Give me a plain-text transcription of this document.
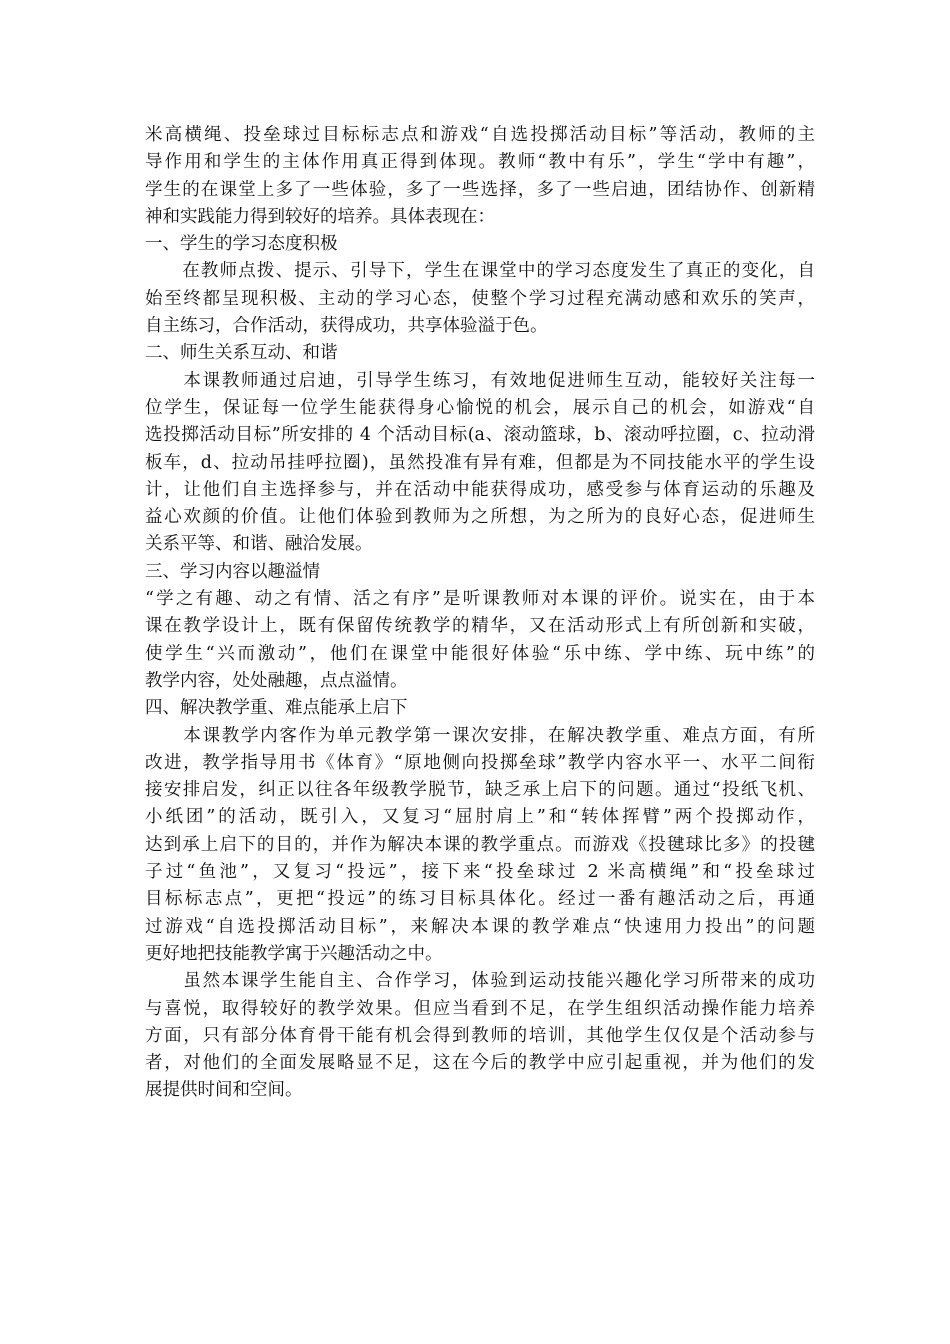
米高横绳、投垒球过目标标志点和游戏“自选投掷活动目标”等活动，教师的主
导作用和学生的主体作用真正得到体现。教师“教中有乐”，学生“学中有趣”，
学生的在课堂上多了一些体验，多了一些选择，多了一些启迪，团结协作、创新精
神和实践能力得到较好的培养。具体表现在：
一、学生的学习态度积极
　　在教师点拨、提示、引导下，学生在课堂中的学习态度发生了真正的变化，自
始至终都呈现积极、主动的学习心态，使整个学习过程充满动感和欢乐的笑声，
自主练习，合作活动，获得成功，共享体验溢于色。
二、师生关系互动、和谐
　　本课教师通过启迪，引导学生练习，有效地促进师生互动，能较好关注每一
位学生，保证每一位学生能获得身心愉悦的机会，展示自己的机会，如游戏“自
选投掷活动目标”所安排的 4 个活动目标(a、滚动篮球，b、滚动呼拉圈，c、拉动滑
板车，d、拉动吊挂呼拉圈)，虽然投准有异有难，但都是为不同技能水平的学生设
计，让他们自主选择参与，并在活动中能获得成功，感受参与体育运动的乐趣及
益心欢颜的价值。让他们体验到教师为之所想，为之所为的良好心态，促进师生
关系平等、和谐、融洽发展。
三、学习内容以趣溢情
“学之有趣、动之有情、活之有序”是听课教师对本课的评价。说实在，由于本
课在教学设计上，既有保留传统教学的精华，又在活动形式上有所创新和实破，
使学生“兴而激动”，他们在课堂中能很好体验“乐中练、学中练、玩中练”的
教学内容，处处融趣，点点溢情。
四、解决教学重、难点能承上启下
　　本课教学内客作为单元教学第一课次安排，在解决教学重、难点方面，有所
改进，教学指导用书《体育》“原地侧向投掷垒球”教学内容水平一、水平二间衔
接安排启发，纠正以往各年级教学脱节，缺乏承上启下的问题。通过“投纸飞机、
小纸团”的活动，既引入，又复习“屈肘肩上”和“转体挥臂”两个投掷动作，
达到承上启下的目的，并作为解决本课的教学重点。而游戏《投毽球比多》的投毽
子过“鱼池”，又复习“投远”，接下来“投垒球过 2 米高横绳”和“投垒球过
目标标志点”，更把“投远”的练习目标具体化。经过一番有趣活动之后，再通
过游戏“自选投掷活动目标”，来解决本课的教学难点“快速用力投出”的问题
更好地把技能教学寓于兴趣活动之中。
　　虽然本课学生能自主、合作学习，体验到运动技能兴趣化学习所带来的成功
与喜悦，取得较好的教学效果。但应当看到不足，在学生组织活动操作能力培养
方面，只有部分体育骨干能有机会得到教师的培训，其他学生仅仅是个活动参与
者，对他们的全面发展略显不足，这在今后的教学中应引起重视，并为他们的发
展提供时间和空间。
